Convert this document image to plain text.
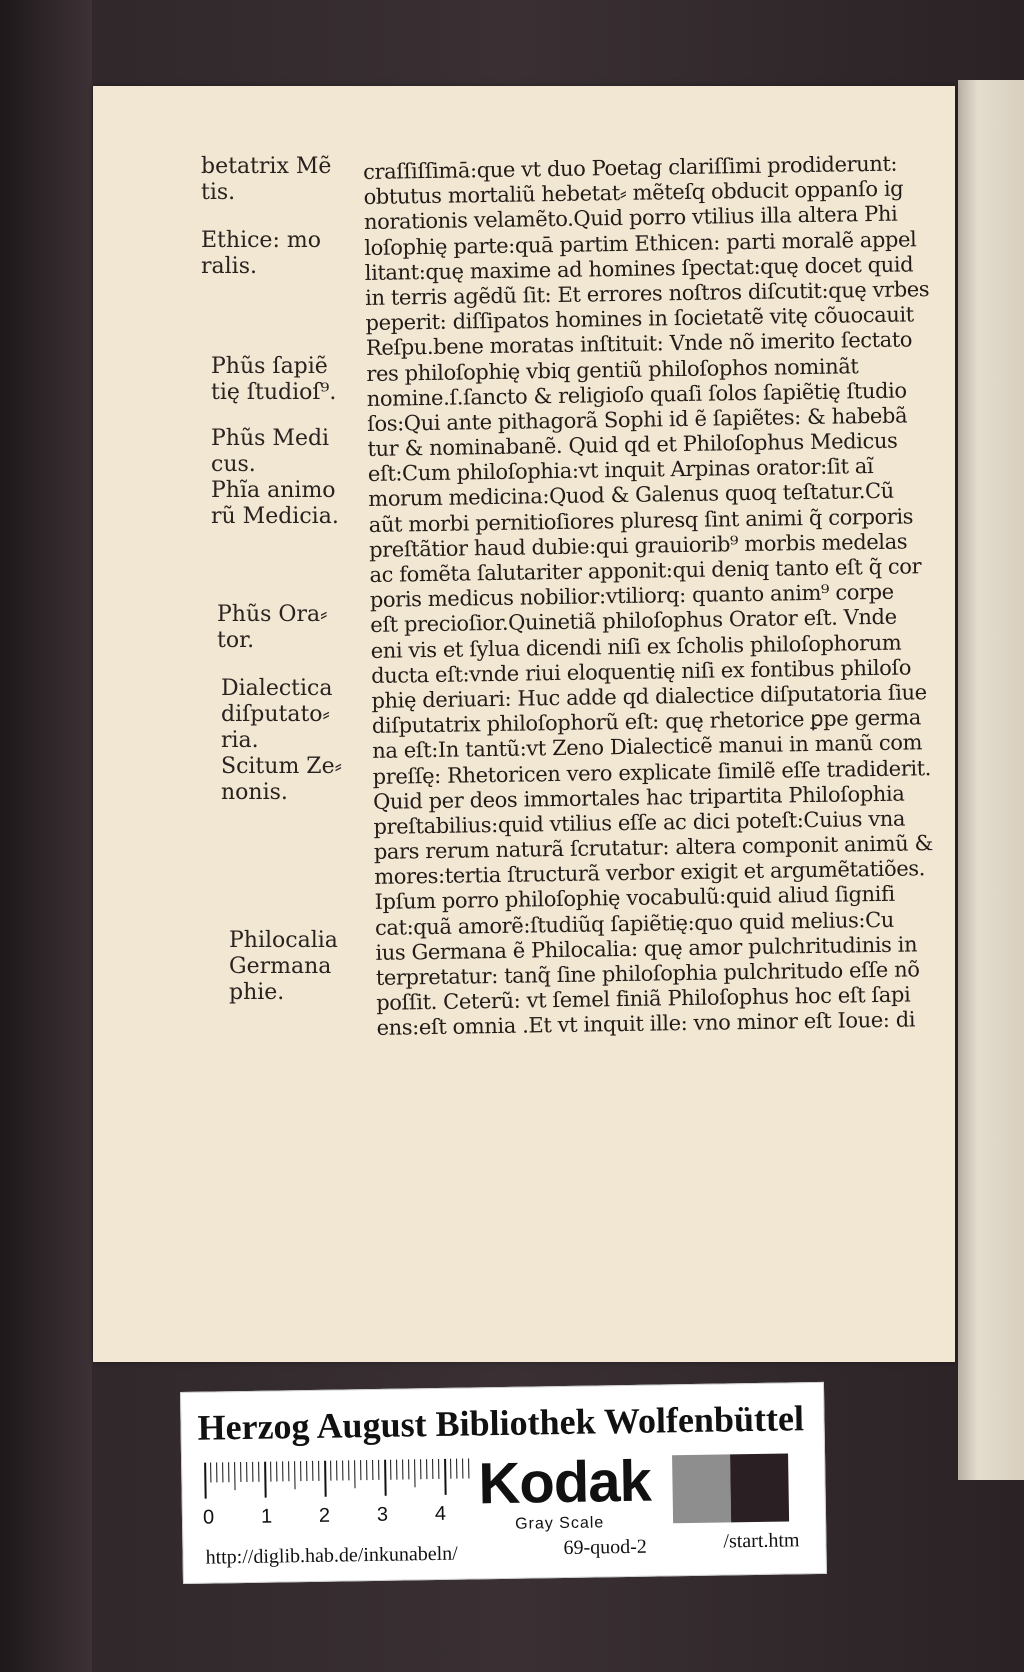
betatrix Mẽ
tis.
Ethice: mo
ralis.
Phũs ſapiẽ
tię ſtudioſ⁹.
Phũs Medi
cus.
Phĩa animo
rũ Medicia.
Phũs Ora⸗
tor.
Dialectica
diſputato⸗
ria.
Scitum Ze⸗
nonis.
Philocalia
Germana
phie.
craſſiſſimā:que vt duo Poetag clariſſimi prodiderunt:
obtutus mortaliũ hebetat⸗ mẽteſq obducit oppanſo ig
norationis velamẽto.Quid porro vtilius illa altera Phi
loſophię parte:quā partim Ethicen: parti moralẽ appel
litant:quę maxime ad homines ſpectat:quę docet quid
in terris agẽdũ ſit: Et errores noſtros diſcutit:quę vrbes
peperit: diſſipatos homines in ſocietatẽ vitę cõuocauit
Reſpu.bene moratas inſtituit: Vnde nõ imerito ſectato
res philoſophię vbiq gentiũ philoſophos nominãt
nomine.ſ.ſancto & religioſo quaſi ſolos ſapiẽtię ſtudio
ſos:Qui ante pithagorã Sophi id ẽ ſapiẽtes: & habebã
tur & nominabanẽ. Quid qd et Philoſophus Medicus
eſt:Cum philoſophia:vt inquit Arpinas orator:ſit aĩ
morum medicina:Quod & Galenus quoq teſtatur.Cũ
aũt morbi pernitioſiores pluresq ſint animi q̃ corporis
preſtãtior haud dubie:qui grauiorib⁹ morbis medelas
ac fomẽta ſalutariter apponit:qui deniq tanto eſt q̃ cor
poris medicus nobilior:vtiliorq: quanto anim⁹ corpe
eſt precioſior.Quinetiã philoſophus Orator eſt. Vnde
eni vis et ſylua dicendi niſi ex ſcholis philoſophorum
ducta eſt:vnde riui eloquentię niſi ex fontibus philoſo
phię deriuari: Huc adde qd dialectice diſputatoria ſiue
diſputatrix philoſophorũ eſt: quę rhetorice ꝑpe germa
na eſt:In tantũ:vt Zeno Dialecticẽ manui in manũ com
preſſę: Rhetoricen vero explicate ſimilẽ eſſe tradiderit.
Quid per deos immortales hac tripartita Philoſophia
preſtabilius:quid vtilius eſſe ac dici poteſt:Cuius vna
pars rerum naturã ſcrutatur: altera componit animũ &
mores:tertia ſtructurã verbor exigit et argumẽtatiões.
Ipſum porro philoſophię vocabulũ:quid aliud ſignifi
cat:quã amorẽ:ſtudiũq ſapiẽtię:quo quid melius:Cu
ius Germana ẽ Philocalia: quę amor pulchritudinis in
terpretatur: tanq̃ ſine philoſophia pulchritudo eſſe nõ
poſſit. Ceterũ: vt ſemel finiã Philoſophus hoc eſt ſapi
ens:eſt omnia .Et vt inquit ille: vno minor eſt Ioue: di
Herzog August Bibliothek Wolfenbüttel
0 1 2 3 4 Kodak
Gray Scale
http://diglib.hab.de/inkunabeln/	69-quod-2	/start.htm
